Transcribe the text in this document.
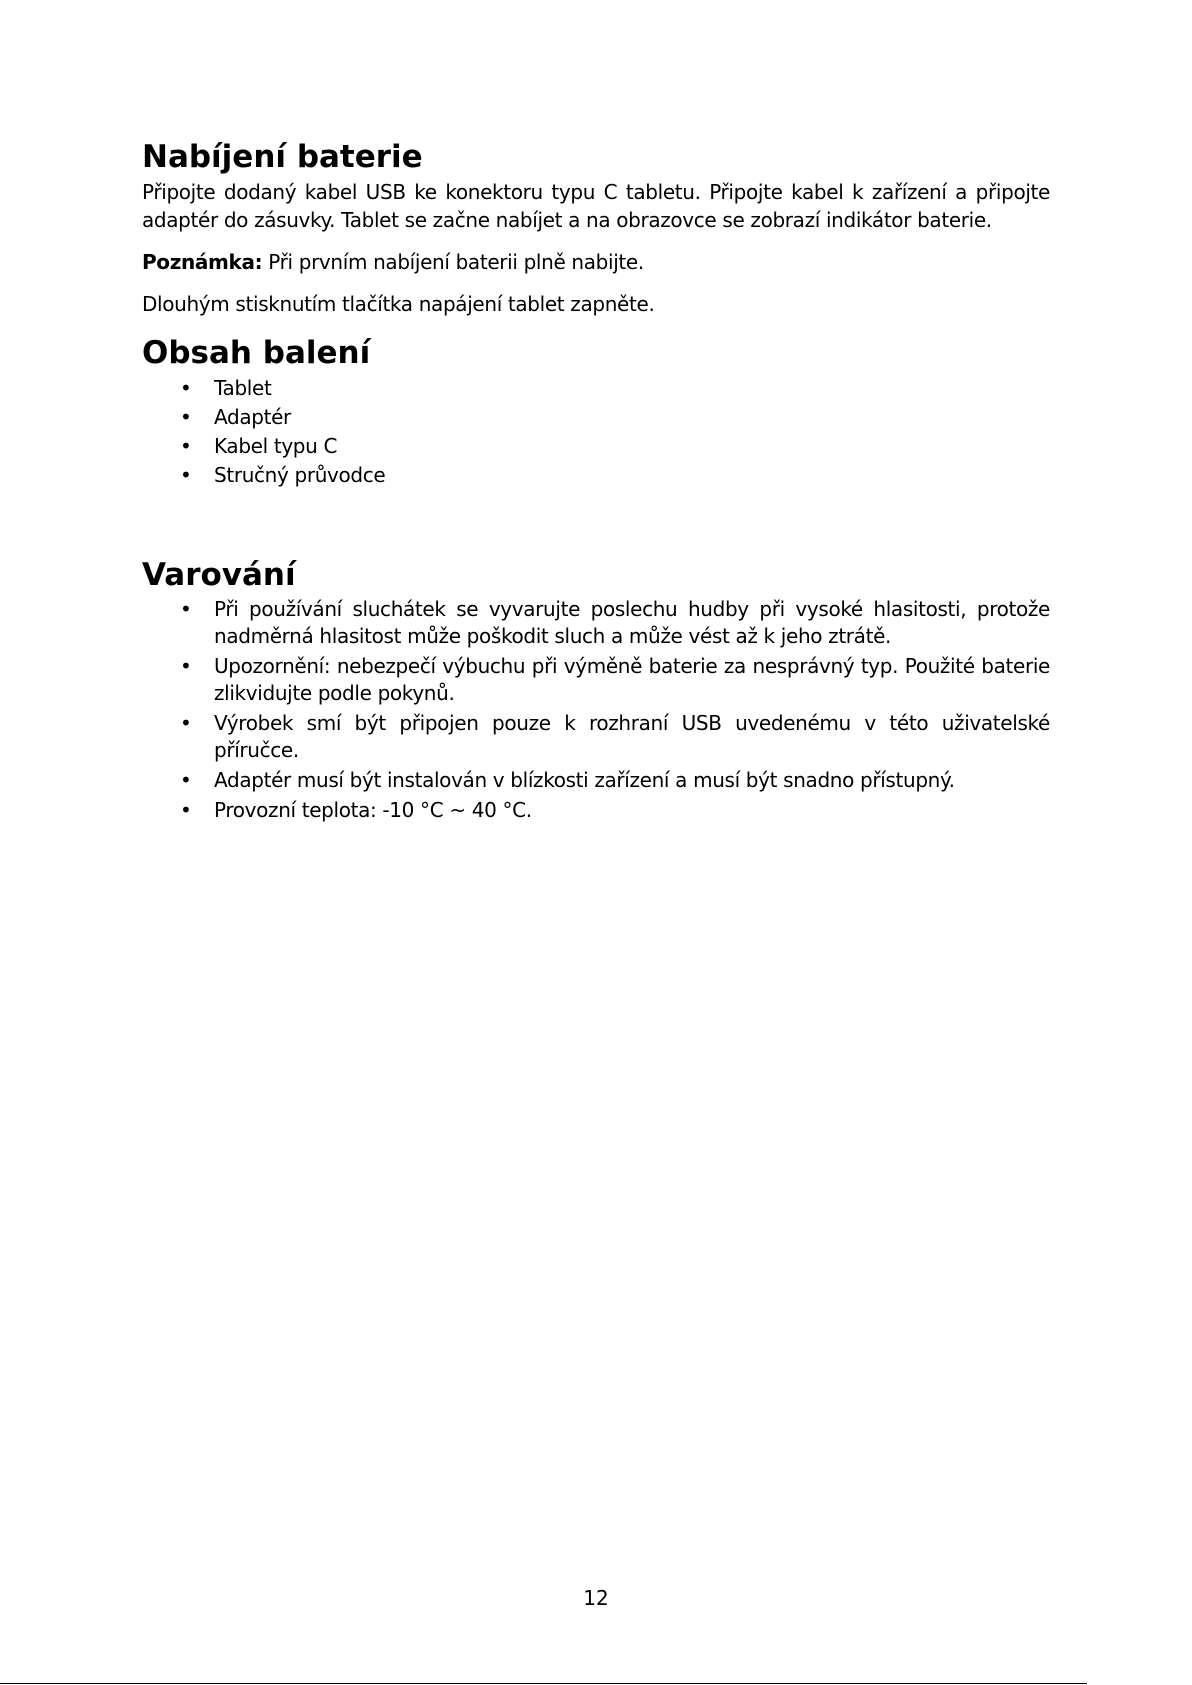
Nabíjení baterie

Připojte dodaný kabel USB ke konektoru typu C tabletu. Připojte kabel k zařízení a připojte adaptér do zásuvky. Tablet se začne nabíjet a na obrazovce se zobrazí indikátor baterie.

Poznámka: Při prvním nabíjení baterii plně nabijte.

Dlouhým stisknutím tlačítka napájení tablet zapněte.

Obsah balení
•	Tablet
•	Adaptér
•	Kabel typu C
•	Stručný průvodce
Varování
•	Při používání sluchátek se vyvarujte poslechu hudby při vysoké hlasitosti, protože nadměrná hlasitost může poškodit sluch a může vést až k jeho ztrátě.
•	Upozornění: nebezpečí výbuchu při výměně baterie za nesprávný typ. Použité baterie zlikvidujte podle pokynů.
•	Výrobek smí být připojen pouze k rozhraní USB uvedenému v této uživatelské příručce.
•	Adaptér musí být instalován v blízkosti zařízení a musí být snadno přístupný.
•	Provozní teplota: -10 °C ~ 40 °C.
12
